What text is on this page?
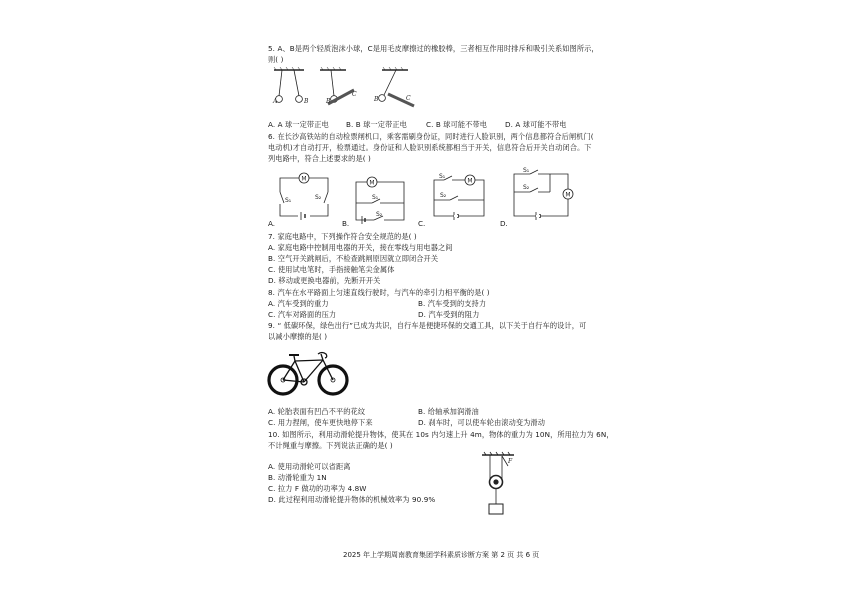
5. A、B是两个轻质泡沫小球，C是用毛皮摩擦过的橡胶棒，三者相互作用时排斥和吸引关系如图所示，
则( )
A	B	B
C
B	C
A. A 球一定带正电 B. B 球一定带正电	C. B 球可能不带电 D. A 球可能不带电
6. 在长沙高铁站的自动检票闸机口，乘客需刷身份证，同时进行人脸识别，两个信息都符合后闸机门(
电动机)才自动打开，检票通过。身份证和人脸识别系统都相当于开关，信息符合后开关自动闭合。下
列电路中，符合上述要求的是( )
M
S₁	S₂
A.
M
S₁
S₂
B.
M
S₁
S₂
C.
M
S₁
S₂
D.
7. 家庭电路中，下列操作符合安全规范的是( )
A. 家庭电路中控制用电器的开关，接在零线与用电器之间
B. 空气开关跳闸后，不检查跳闸原因就立即闭合开关
C. 使用试电笔时，手指接触笔尖金属体
D. 移动或更换电器前，先断开开关
8. 汽车在水平路面上匀速直线行驶时，与汽车的牵引力相平衡的是( )
A. 汽车受到的重力	B. 汽车受到的支持力
C. 汽车对路面的压力	D. 汽车受到的阻力
9. “ 低碳环保，绿色出行”已成为共识，自行车是便捷环保的交通工具，以下关于自行车的设计，可
以减小摩擦的是( )
A. 轮胎表面有凹凸不平的花纹	B. 给轴承加润滑油
C. 用力捏闸，使车更快地停下来	D. 刹车时，可以使车轮由滚动变为滑动
10. 如图所示，利用动滑轮提升物体，使其在 10s 内匀速上升 4m，物体的重力为 10N，所用拉力为 6N，
不计绳重与摩擦。下列说法正确的是( )
F
A. 使用动滑轮可以省距离
B. 动滑轮重为 1N
C. 拉力 F 做功的功率为 4.8W
D. 此过程利用动滑轮提升物体的机械效率为 90.9%
2025 年上学期周南教育集团学科素质诊断方案 第 2 页 共 6 页
